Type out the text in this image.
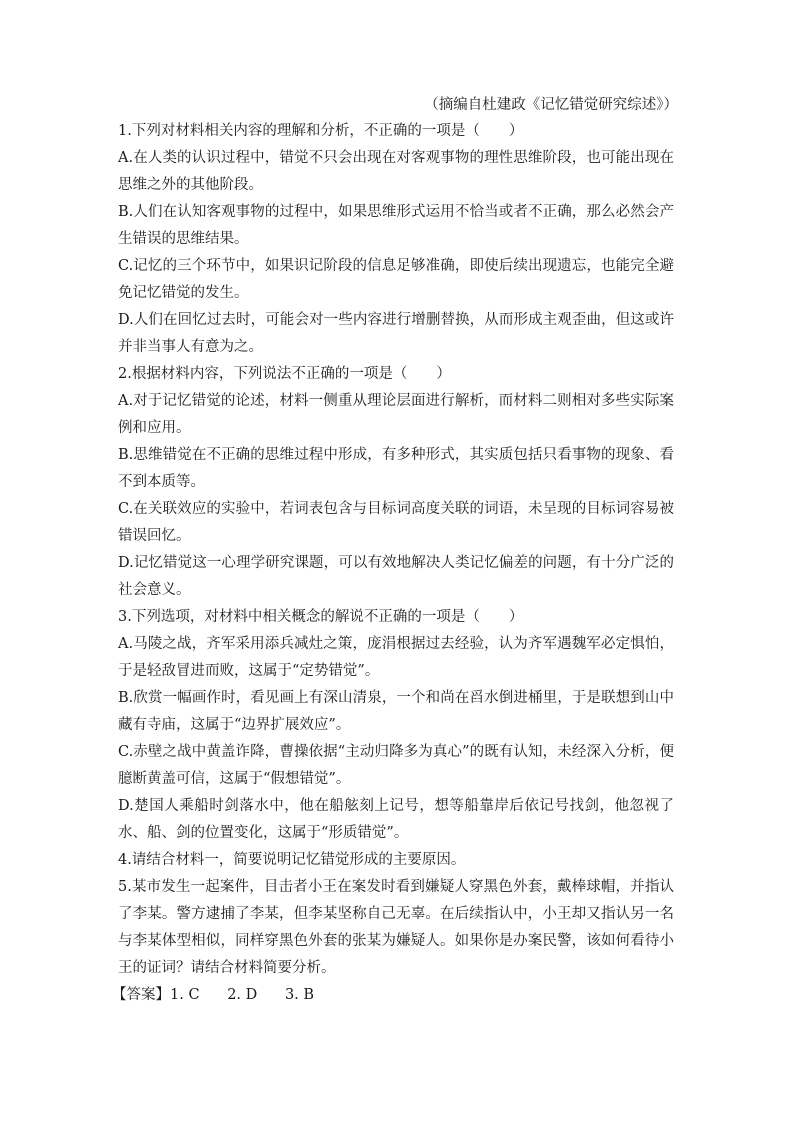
（摘编自杜建政《记忆错觉研究综述》）
1.下列对材料相关内容的理解和分析，不正确的一项是（　　）
A.在人类的认识过程中，错觉不只会出现在对客观事物的理性思维阶段，也可能出现在思维之外的其他阶段。
B.人们在认知客观事物的过程中，如果思维形式运用不恰当或者不正确，那么必然会产生错误的思维结果。
C.记忆的三个环节中，如果识记阶段的信息足够准确，即使后续出现遗忘，也能完全避免记忆错觉的发生。
D.人们在回忆过去时，可能会对一些内容进行增删替换，从而形成主观歪曲，但这或许并非当事人有意为之。
2.根据材料内容，下列说法不正确的一项是（　　）
A.对于记忆错觉的论述，材料一侧重从理论层面进行解析，而材料二则相对多些实际案例和应用。
B.思维错觉在不正确的思维过程中形成，有多种形式，其实质包括只看事物的现象、看不到本质等。
C.在关联效应的实验中，若词表包含与目标词高度关联的词语，未呈现的目标词容易被错误回忆。
D.记忆错觉这一心理学研究课题，可以有效地解决人类记忆偏差的问题，有十分广泛的社会意义。
3.下列选项，对材料中相关概念的解说不正确的一项是（　　）
A.马陵之战，齐军采用添兵减灶之策，庞涓根据过去经验，认为齐军遇魏军必定惧怕，于是轻敌冒进而败，这属于“定势错觉”。
B.欣赏一幅画作时，看见画上有深山清泉，一个和尚在舀水倒进桶里，于是联想到山中藏有寺庙，这属于“边界扩展效应”。
C.赤壁之战中黄盖诈降，曹操依据“主动归降多为真心”的既有认知，未经深入分析，便臆断黄盖可信，这属于“假想错觉”。
D.楚国人乘船时剑落水中，他在船舷刻上记号，想等船靠岸后依记号找剑，他忽视了水、船、剑的位置变化，这属于“形质错觉”。
4.请结合材料一，简要说明记忆错觉形成的主要原因。
5.某市发生一起案件，目击者小王在案发时看到嫌疑人穿黑色外套，戴棒球帽，并指认了李某。警方逮捕了李某，但李某坚称自己无辜。在后续指认中，小王却又指认另一名与李某体型相似，同样穿黑色外套的张某为嫌疑人。如果你是办案民警，该如何看待小王的证词？请结合材料简要分析。
【答案】1. C 2. D 3. B
